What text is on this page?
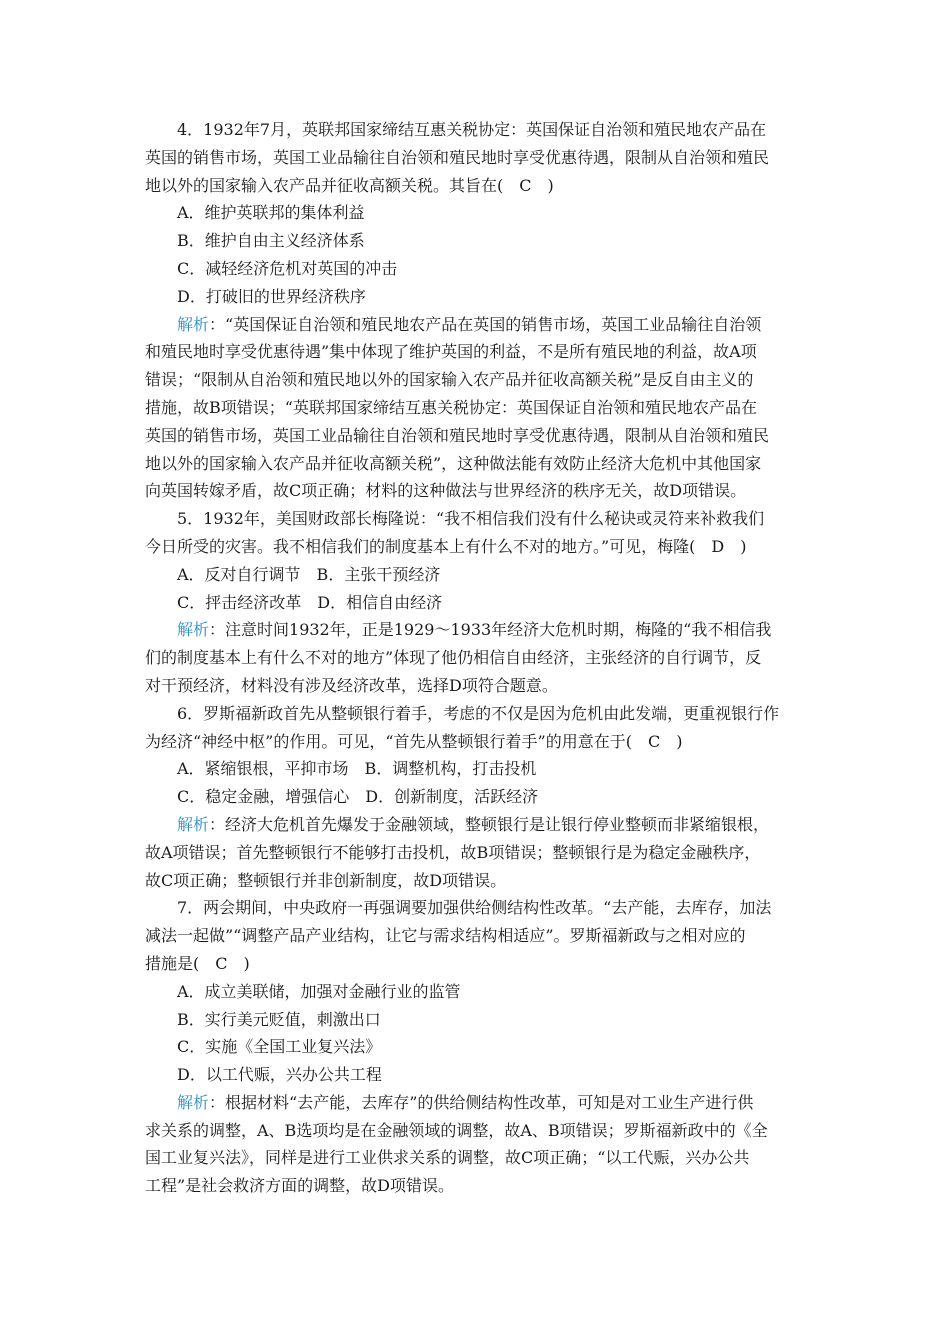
4．1932年7月，英联邦国家缔结互惠关税协定：英国保证自治领和殖民地农产品在
英国的销售市场，英国工业品输往自治领和殖民地时享受优惠待遇，限制从自治领和殖民
地以外的国家输入农产品并征收高额关税。其旨在(　C　)
A．维护英联邦的集体利益
B．维护自由主义经济体系
C．减轻经济危机对英国的冲击
D．打破旧的世界经济秩序
解析：“英国保证自治领和殖民地农产品在英国的销售市场，英国工业品输往自治领
和殖民地时享受优惠待遇”集中体现了维护英国的利益，不是所有殖民地的利益，故A项
错误；“限制从自治领和殖民地以外的国家输入农产品并征收高额关税”是反自由主义的
措施，故B项错误；“英联邦国家缔结互惠关税协定：英国保证自治领和殖民地农产品在
英国的销售市场，英国工业品输往自治领和殖民地时享受优惠待遇，限制从自治领和殖民
地以外的国家输入农产品并征收高额关税”，这种做法能有效防止经济大危机中其他国家
向英国转嫁矛盾，故C项正确；材料的这种做法与世界经济的秩序无关，故D项错误。
5．1932年，美国财政部长梅隆说：“我不相信我们没有什么秘诀或灵符来补救我们
今日所受的灾害。我不相信我们的制度基本上有什么不对的地方。”可见，梅隆(　D　)
A．反对自行调节　B．主张干预经济
C．抨击经济改革　D．相信自由经济
解析：注意时间1932年，正是1929～1933年经济大危机时期，梅隆的“我不相信我
们的制度基本上有什么不对的地方”体现了他仍相信自由经济，主张经济的自行调节，反
对干预经济，材料没有涉及经济改革，选择D项符合题意。
6．罗斯福新政首先从整顿银行着手，考虑的不仅是因为危机由此发端，更重视银行作
为经济“神经中枢”的作用。可见，“首先从整顿银行着手”的用意在于(　C　)
A．紧缩银根，平抑市场　B．调整机构，打击投机
C．稳定金融，增强信心　D．创新制度，活跃经济
解析：经济大危机首先爆发于金融领域，整顿银行是让银行停业整顿而非紧缩银根，
故A项错误；首先整顿银行不能够打击投机，故B项错误；整顿银行是为稳定金融秩序，
故C项正确；整顿银行并非创新制度，故D项错误。
7．两会期间，中央政府一再强调要加强供给侧结构性改革。“去产能，去库存，加法
减法一起做”“调整产品产业结构，让它与需求结构相适应”。罗斯福新政与之相对应的
措施是(　C　)
A．成立美联储，加强对金融行业的监管
B．实行美元贬值，刺激出口
C．实施《全国工业复兴法》
D．以工代赈，兴办公共工程
解析：根据材料“去产能，去库存”的供给侧结构性改革，可知是对工业生产进行供
求关系的调整，A、B选项均是在金融领域的调整，故A、B项错误；罗斯福新政中的《全
国工业复兴法》，同样是进行工业供求关系的调整，故C项正确；“以工代赈，兴办公共
工程”是社会救济方面的调整，故D项错误。
